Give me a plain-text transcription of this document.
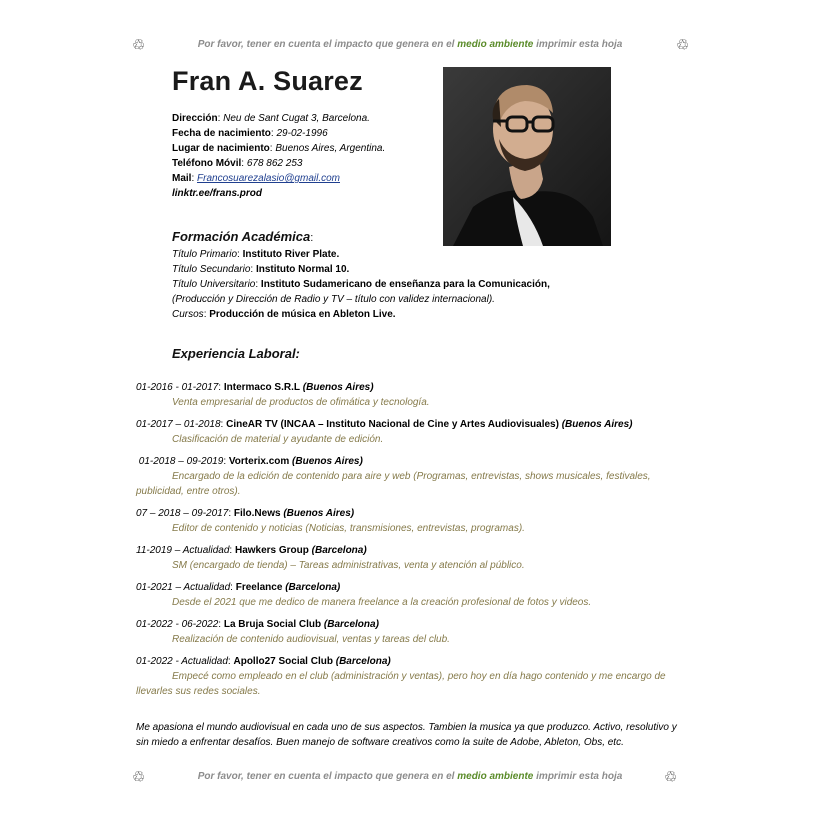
♲	Por favor, tener en cuenta el impacto que genera en el medio ambiente imprimir esta hoja	♲
Fran A. Suarez
Dirección: Neu de Sant Cugat 3, Barcelona.
Fecha de nacimiento: 29-02-1996
Lugar de nacimiento: Buenos Aires, Argentina.
Teléfono Móvil: 678 862 253
Mail: Francosuarezalasio@gmail.com
linktr.ee/frans.prod
Formación Académica:
Título Primario: Instituto River Plate.
Título Secundario: Instituto Normal 10.
Título Universitario: Instituto Sudamericano de enseñanza para la Comunicación,
(Producción y Dirección de Radio y TV – título con validez internacional).
Cursos: Producción de música en Ableton Live.
Experiencia Laboral:
01-2016 - 01-2017: Intermaco S.R.L (Buenos Aires)
Venta empresarial de productos de ofimática y tecnología.
01-2017 – 01-2018: CineAR TV (INCAA – Instituto Nacional de Cine y Artes Audiovisuales) (Buenos Aires)
Clasificación de material y ayudante de edición.
01-2018 – 09-2019: Vorterix.com (Buenos Aires)
Encargado de la edición de contenido para aire y web (Programas, entrevistas, shows musicales, festivales, publicidad, entre otros).
07 – 2018 – 09-2017: Filo.News (Buenos Aires)
Editor de contenido y noticias (Noticias, transmisiones, entrevistas, programas).
11-2019 – Actualidad: Hawkers Group (Barcelona)
SM (encargado de tienda) – Tareas administrativas, venta y atención al público.
01-2021 – Actualidad: Freelance (Barcelona)
Desde el 2021 que me dedico de manera freelance a la creación profesional de fotos y videos.
01-2022 - 06-2022: La Bruja Social Club (Barcelona)
Realización de contenido audiovisual, ventas y tareas del club.
01-2022 - Actualidad: Apollo27 Social Club (Barcelona)
Empecé como empleado en el club (administración y ventas), pero hoy en día hago contenido y me encargo de llevarles sus redes sociales.
Me apasiona el mundo audiovisual en cada uno de sus aspectos. Tambien la musica ya que produzco. Activo, resolutivo y sin miedo a enfrentar desafíos. Buen manejo de software creativos como la suite de Adobe, Ableton, Obs, etc.
♲	Por favor, tener en cuenta el impacto que genera en el medio ambiente imprimir esta hoja	♲
